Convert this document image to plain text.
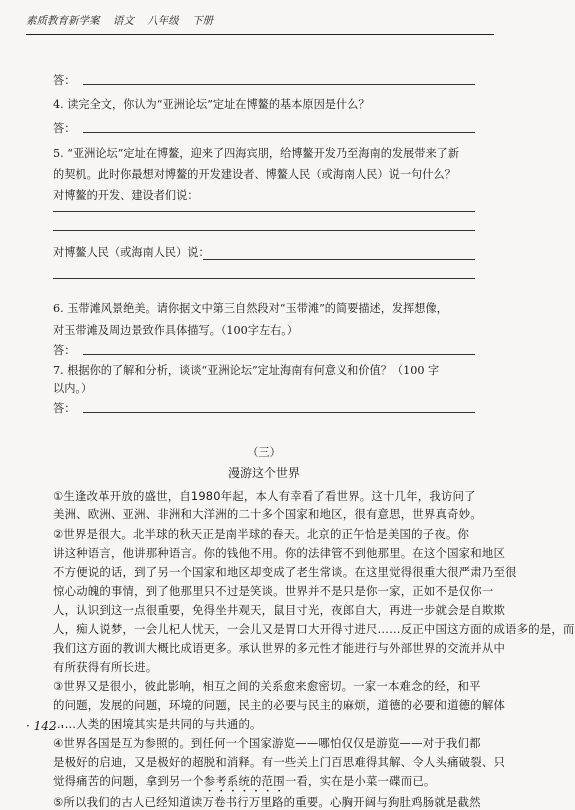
素质教育新学案 语文 八年级 下册
答：
4. 读完全文，你认为“亚洲论坛”定址在博鳌的基本原因是什么？
答：
5. “亚洲论坛”定址在博鳌，迎来了四海宾朋，给博鳌开发乃至海南的发展带来了新
的契机。此时你最想对博鳌的开发建设者、博鳌人民（或海南人民）说一句什么？
对博鳌的开发、建设者们说：
对博鳌人民（或海南人民）说：
6. 玉带滩风景绝美。请你据文中第三自然段对“玉带滩”的简要描述，发挥想像，
对玉带滩及周边景致作具体描写。（100字左右。）
答：
7. 根据你的了解和分析，谈谈“亚洲论坛”定址海南有何意义和价值？（100 字
以内。）
答：
（三）
漫游这个世界
①生逢改革开放的盛世，自1980年起，本人有幸看了看世界。这十几年，我访问了
美洲、欧洲、亚洲、非洲和大洋洲的二十多个国家和地区，很有意思，世界真奇妙。
②世界是很大。北半球的秋天正是南半球的春天。北京的正午恰是美国的子夜。你
讲这种语言，他讲那种语言。你的钱他不用。你的法律管不到他那里。在这个国家和地区
不方便说的话，到了另一个国家和地区却变成了老生常谈。在这里觉得很重大很严肃乃至很
惊心动魄的事情，到了他那里只不过是笑谈。世界并不是只是你一家，正如不是仅你一
人，认识到这一点很重要，免得坐井观天，鼠目寸光，夜郎自大，再进一步就会是自欺欺
人，痴人说梦，一会儿杞人忧天，一会儿又是胃口大开得寸进尺……反正中国这方面的成语多的是，而
我们这方面的教训大概比成语更多。承认世界的多元性才能进行与外部世界的交流并从中
有所获得有所长进。
③世界又是很小，彼此影响，相互之间的关系愈来愈密切。一家一本难念的经，和平
的问题，发展的问题，环境的问题，民主的必要与民主的麻烦，道德的必要和道德的解体
……人类的困境其实是共同的与共通的。
④世界各国是互为参照的。到任何一个国家游览——哪怕仅仅是游览——对于我们都
是极好的启迪，又是极好的超脱和消释。有一些关上门百思难得其解、令人头痛破裂、只
觉得痛苦的问题，拿到另一个参考系统的范围一看，实在是小菜一碟而已。
⑤所以我们的古人已经知道读万卷书行万里路的重要。心胸开阔与狗肚鸡肠就是截然
· 142 ·
